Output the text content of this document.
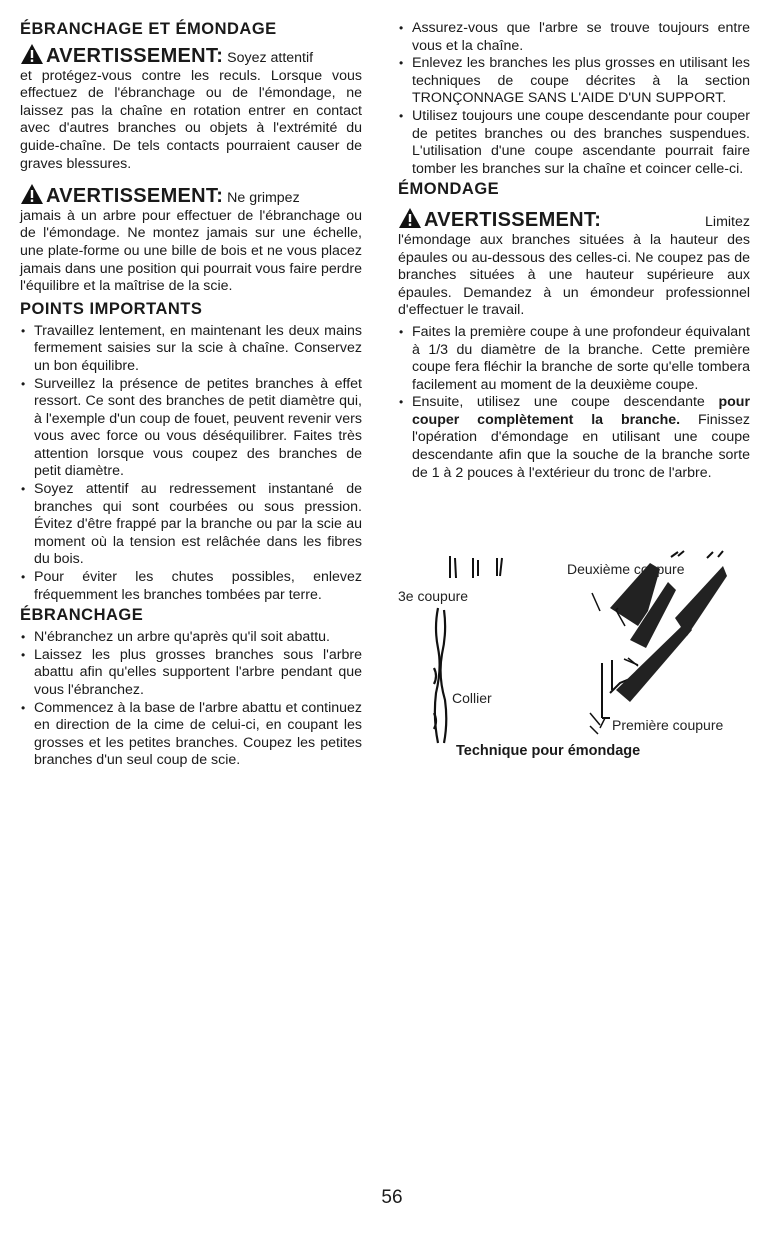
ÉBRANCHAGE ET ÉMONDAGE
AVERTISSEMENT: Soyez attentif
et protégez-vous contre les reculs. Lorsque vous effectuez de l'ébranchage ou de l'émondage, ne laissez pas la chaîne en rotation entrer en contact avec d'autres branches ou objets à l'extrémité du guide-chaîne. De tels contacts pourraient causer de graves blessures.
AVERTISSEMENT: Ne grimpez
jamais à un arbre pour effectuer de l'ébranchage ou de l'émondage. Ne montez jamais sur une échelle, une plate-forme ou une bille de bois et ne vous placez jamais dans une position qui pourrait vous faire perdre l'équilibre et la maîtrise de la scie.
POINTS IMPORTANTS
• Travaillez lentement, en maintenant les deux mains fermement saisies sur la scie à chaîne. Conservez un bon équilibre.
• Surveillez la présence de petites branches à effet ressort. Ce sont des branches de petit diamètre qui, à l'exemple d'un coup de fouet, peuvent revenir vers vous avec force ou vous déséquilibrer. Faites très attention lorsque vous coupez des branches de petit diamètre.
• Soyez attentif au redressement instantané de branches qui sont courbées ou sous pression. Évitez d'être frappé par la branche ou par la scie au moment où la tension est relâchée dans les fibres du bois.
• Pour éviter les chutes possibles, enlevez fréquemment les branches tombées par terre.
ÉBRANCHAGE
• N'ébranchez un arbre qu'après qu'il soit abattu.
• Laissez les plus grosses branches sous l'arbre abattu afin qu'elles supportent l'arbre pendant que vous l'ébranchez.
• Commencez à la base de l'arbre abattu et continuez en direction de la cime de celui-ci, en coupant les grosses et les petites branches. Coupez les petites branches d'un seul coup de scie.
• Assurez-vous que l'arbre se trouve toujours entre vous et la chaîne.
• Enlevez les branches les plus grosses en utilisant les techniques de coupe décrites à la section TRONÇONNAGE SANS L'AIDE D'UN SUPPORT.
• Utilisez toujours une coupe descendante pour couper de petites branches ou des branches suspendues. L'utilisation d'une coupe ascendante pourrait faire tomber les branches sur la chaîne et coincer celle-ci.
ÉMONDAGE
AVERTISSEMENT:	Limitez
l'émondage aux branches situées à la hauteur des épaules ou au-dessous des celles-ci. Ne coupez pas de branches situées à une hauteur supérieure aux épaules. Demandez à un émondeur professionnel d'effectuer le travail.
• Faites la première coupe à une profondeur équivalant à 1/3 du diamètre de la branche. Cette première coupe fera fléchir la branche de sorte qu'elle tombera facilement au moment de la deuxième coupe.
• Ensuite, utilisez une coupe descendante pour couper complètement la branche. Finissez l'opération d'émondage en utilisant une coupe descendante afin que la souche de la branche sorte de 1 à 2 pouces à l'extérieur du tronc de l'arbre.
Deuxième coupure
3e coupure
Collier
Première coupure
Technique pour émondage
56
